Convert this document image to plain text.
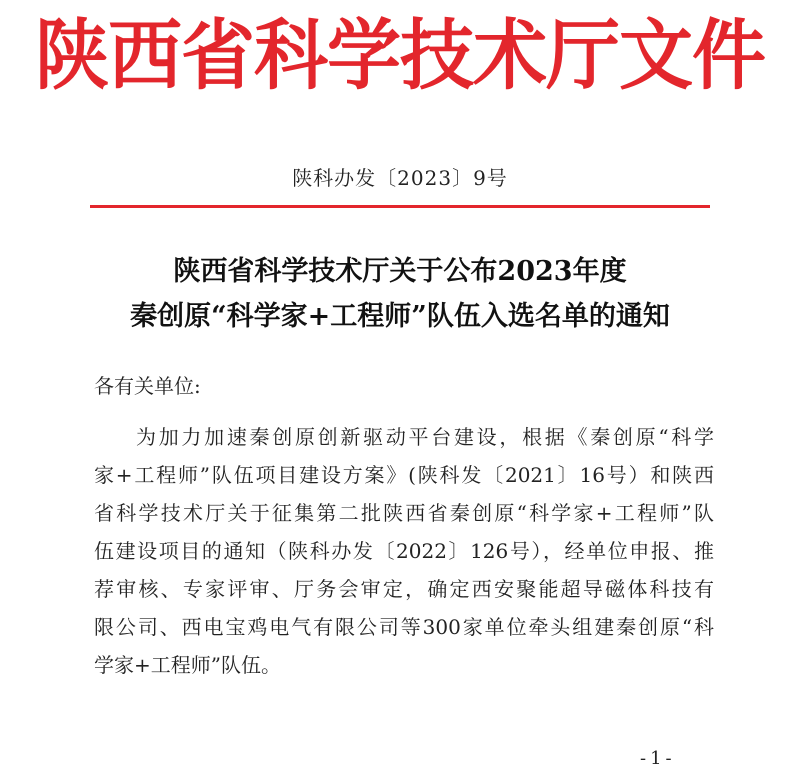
陕西省科学技术厅文件
陕科办发〔2023〕9号
陕西省科学技术厅关于公布2023年度
秦创原“科学家+工程师”队伍入选名单的通知
各有关单位:
为加力加速秦创原创新驱动平台建设，根据《秦创原“科学
家+工程师”队伍项目建设方案》(陕科发〔2021〕16号）和陕西
省科学技术厅关于征集第二批陕西省秦创原“科学家+工程师”队
伍建设项目的通知（陕科办发〔2022〕126号），经单位申报、推
荐审核、专家评审、厅务会审定，确定西安聚能超导磁体科技有
限公司、西电宝鸡电气有限公司等300家单位牵头组建秦创原“科
学家+工程师”队伍。
-1-
